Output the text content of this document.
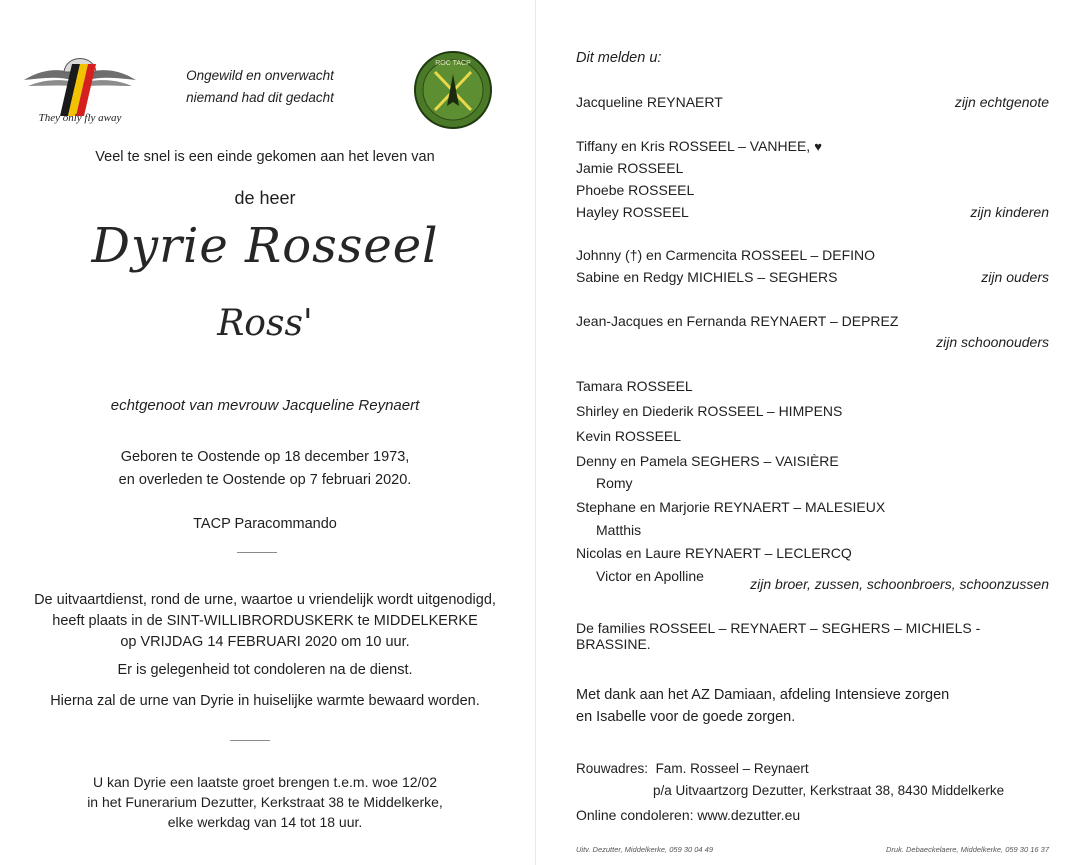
They only fly away
Ongewild en onverwacht
niemand had dit gedacht
ROC TACP
Veel te snel is een einde gekomen aan het leven van
de heer
Dyrie Rosseel
Ross'
echtgenoot van mevrouw Jacqueline Reynaert
Geboren te Oostende op 18 december 1973,
en overleden te Oostende op 7 februari 2020.
TACP Paracommando
De uitvaartdienst, rond de urne, waartoe u vriendelijk wordt uitgenodigd,
heeft plaats in de SINT-WILLIBRORDUSKERK te MIDDELKERKE
op VRIJDAG 14 FEBRUARI 2020 om 10 uur.
Er is gelegenheid tot condoleren na de dienst.
Hierna zal de urne van Dyrie in huiselijke warmte bewaard worden.
U kan Dyrie een laatste groet brengen t.e.m. woe 12/02
in het Funerarium Dezutter, Kerkstraat 38 te Middelkerke,
elke werkdag van 14 tot 18 uur.
Dit melden u:
Jacqueline REYNAERT	zijn echtgenote
Tiffany en Kris ROSSEEL – VANHEE, ♥
Jamie ROSSEEL
Phoebe ROSSEEL
Hayley ROSSEEL	zijn kinderen
Johnny (†) en Carmencita ROSSEEL – DEFINO
Sabine en Redgy MICHIELS – SEGHERS	zijn ouders
Jean-Jacques en Fernanda REYNAERT – DEPREZ
zijn schoonouders
Tamara ROSSEEL
Shirley en Diederik ROSSEEL – HIMPENS
Kevin ROSSEEL
Denny en Pamela SEGHERS – VAISIÈRE
Romy
Stephane en Marjorie REYNAERT – MALESIEUX
Matthis
Nicolas en Laure REYNAERT – LECLERCQ
Victor en Apolline	zijn broer, zussen, schoonbroers, schoonzussen
De families ROSSEEL – REYNAERT – SEGHERS – MICHIELS - BRASSINE.
Met dank aan het AZ Damiaan, afdeling Intensieve zorgen
en Isabelle voor de goede zorgen.
Rouwadres: Fam. Rosseel – Reynaert
p/a Uitvaartzorg Dezutter, Kerkstraat 38, 8430 Middelkerke
Online condoleren: www.dezutter.eu
Uitv. Dezutter, Middelkerke, 059 30 04 49	Druk. Debaeckelaere, Middelkerke, 059 30 16 37
